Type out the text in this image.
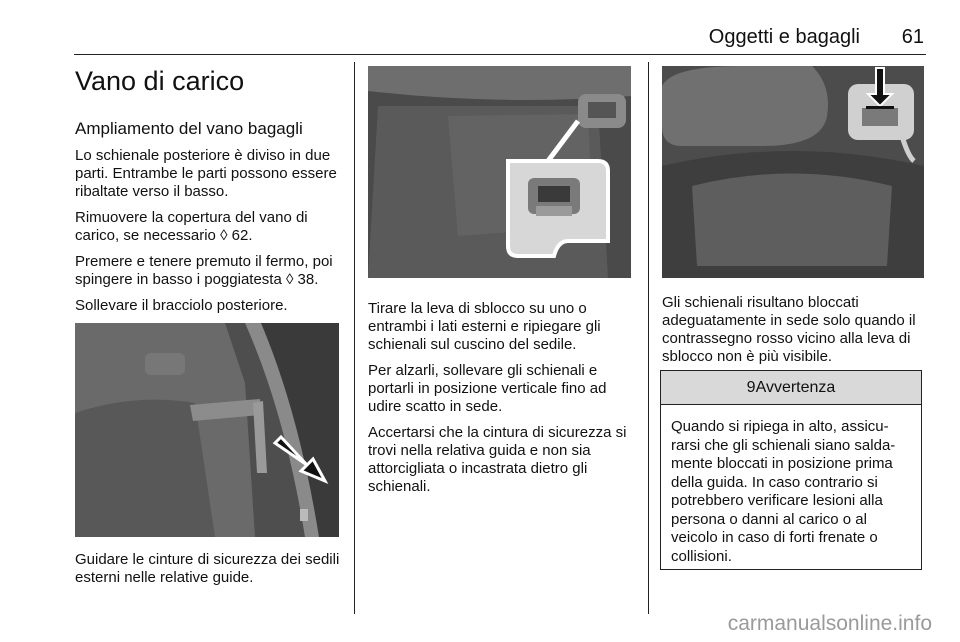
Oggetti e bagagli 61
Vano di carico
Ampliamento del vano bagagli

Lo schienale posteriore è diviso in due parti. Entrambe le parti possono essere ribaltate verso il basso.

Rimuovere la copertura del vano di carico, se necessario ◊ 62.

Premere e tenere premuto il fermo, poi spingere in basso i poggiatesta ◊ 38.

Sollevare il bracciolo posteriore.

Guidare le cinture di sicurezza dei sedili esterni nelle relative guide.

Tirare la leva di sblocco su uno o entrambi i lati esterni e ripiegare gli schienali sul cuscino del sedile.

Per alzarli, sollevare gli schienali e portarli in posizione verticale fino ad udire scatto in sede.

Accertarsi che la cintura di sicurezza si trovi nella relativa guida e non sia attorcigliata o incastrata dietro gli schienali.

Gli schienali risultano bloccati adeguatamente in sede solo quando il contrassegno rosso vicino alla leva di sblocco non è più visibile.

9Avvertenza
Quando si ripiega in alto, assicu-rarsi che gli schienali siano salda-mente bloccati in posizione prima della guida. In caso contrario si potrebbero verificare lesioni alla persona o danni al carico o al veicolo in caso di forti frenate o collisioni.
carmanualsonline.info
